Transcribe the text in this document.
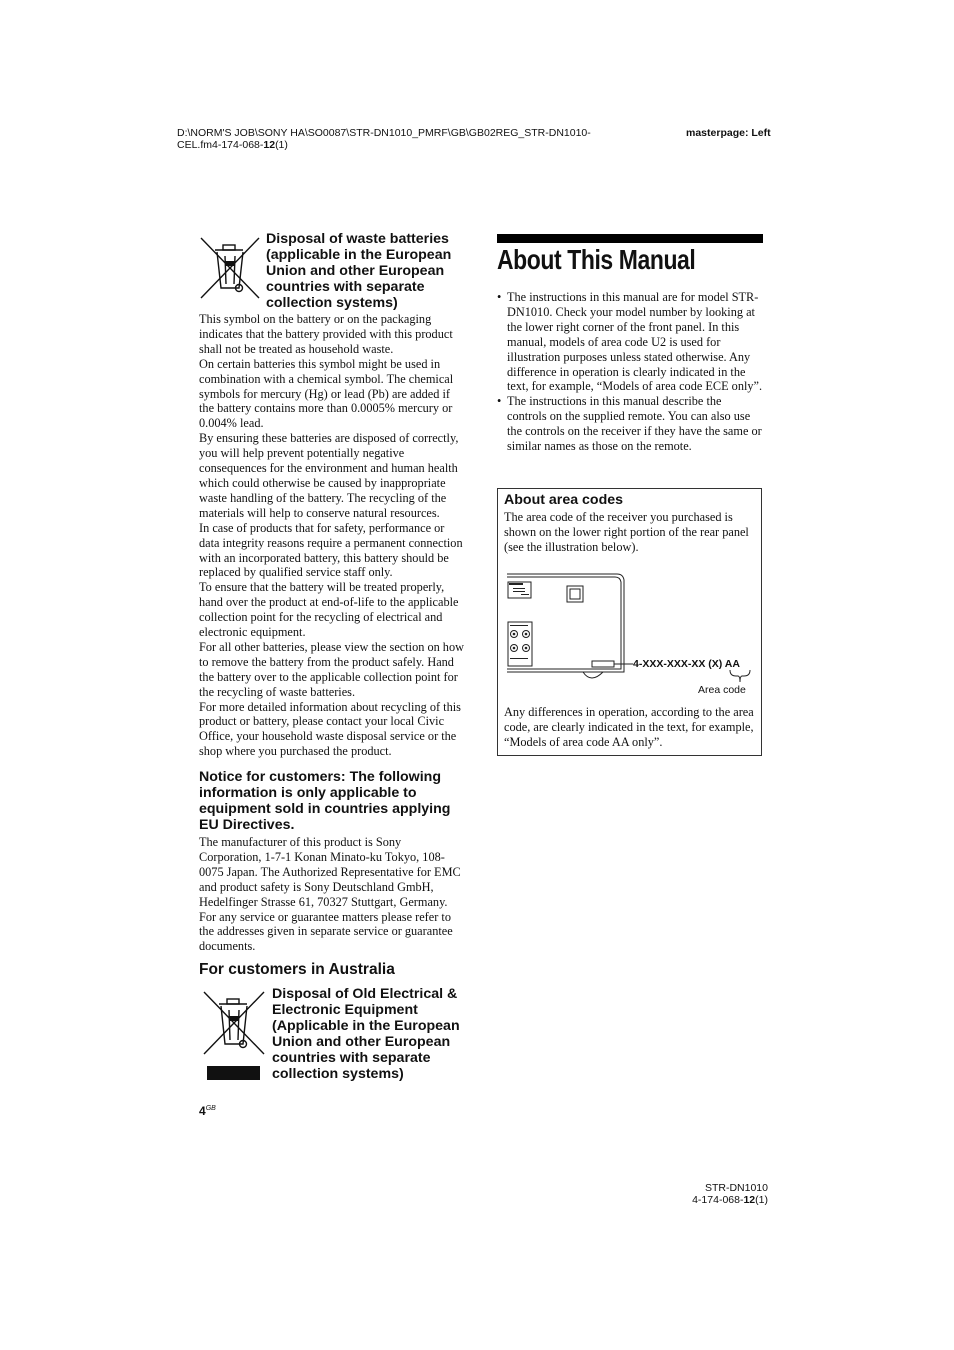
D:\NORM'S JOB\SONY HA\SO0087\STR-DN1010_PMRF\GB\GB02REG_STR-DN1010-
CEL.fm4-174-068-12(1)
masterpage: Left
Disposal of waste batteries (applicable in the European Union and other European countries with separate collection systems)

This symbol on the battery or on the packaging indicates that the battery provided with this product shall not be treated as household waste.

On certain batteries this symbol might be used in combination with a chemical symbol. The chemical symbols for mercury (Hg) or lead (Pb) are added if the battery contains more than 0.0005% mercury or 0.004% lead.

By ensuring these batteries are disposed of correctly, you will help prevent potentially negative consequences for the environment and human health which could otherwise be caused by inappropriate waste handling of the battery. The recycling of the materials will help to conserve natural resources.

In case of products that for safety, performance or data integrity reasons require a permanent connection with an incorporated battery, this battery should be replaced by qualified service staff only.

To ensure that the battery will be treated properly, hand over the product at end-of-life to the applicable collection point for the recycling of electrical and electronic equipment.

For all other batteries, please view the section on how to remove the battery from the product safely. Hand the battery over to the applicable collection point for the recycling of waste batteries.

For more detailed information about recycling of this product or battery, please contact your local Civic Office, your household waste disposal service or the shop where you purchased the product.

Notice for customers: The following information is only applicable to equipment sold in countries applying EU Directives.
The manufacturer of this product is Sony Corporation, 1-7-1 Konan Minato-ku Tokyo, 108-0075 Japan. The Authorized Representative for EMC and product safety is Sony Deutschland GmbH, Hedelfinger Strasse 61, 70327 Stuttgart, Germany. For any service or guarantee matters please refer to the addresses given in separate service or guarantee documents.
For customers in Australia
Disposal of Old Electrical & Electronic Equipment (Applicable in the European Union and other European countries with separate collection systems)
About This Manual
• The instructions in this manual are for model STR-DN1010. Check your model number by looking at the lower right corner of the front panel. In this manual, models of area code U2 is used for illustration purposes unless stated otherwise. Any difference in operation is clearly indicated in the text, for example, “Models of area code ECE only”.
• The instructions in this manual describe the controls on the supplied remote. You can also use the controls on the receiver if they have the same or similar names as those on the remote.
About area codes
The area code of the receiver you purchased is shown on the lower right portion of the rear panel (see the illustration below).
Any differences in operation, according to the area code, are clearly indicated in the text, for example, “Models of area code AA only”.
4-XXX-XXX-XX (X) AA
Area code
$4^{GB}$
STR-DN1010
4-174-068-12(1)
